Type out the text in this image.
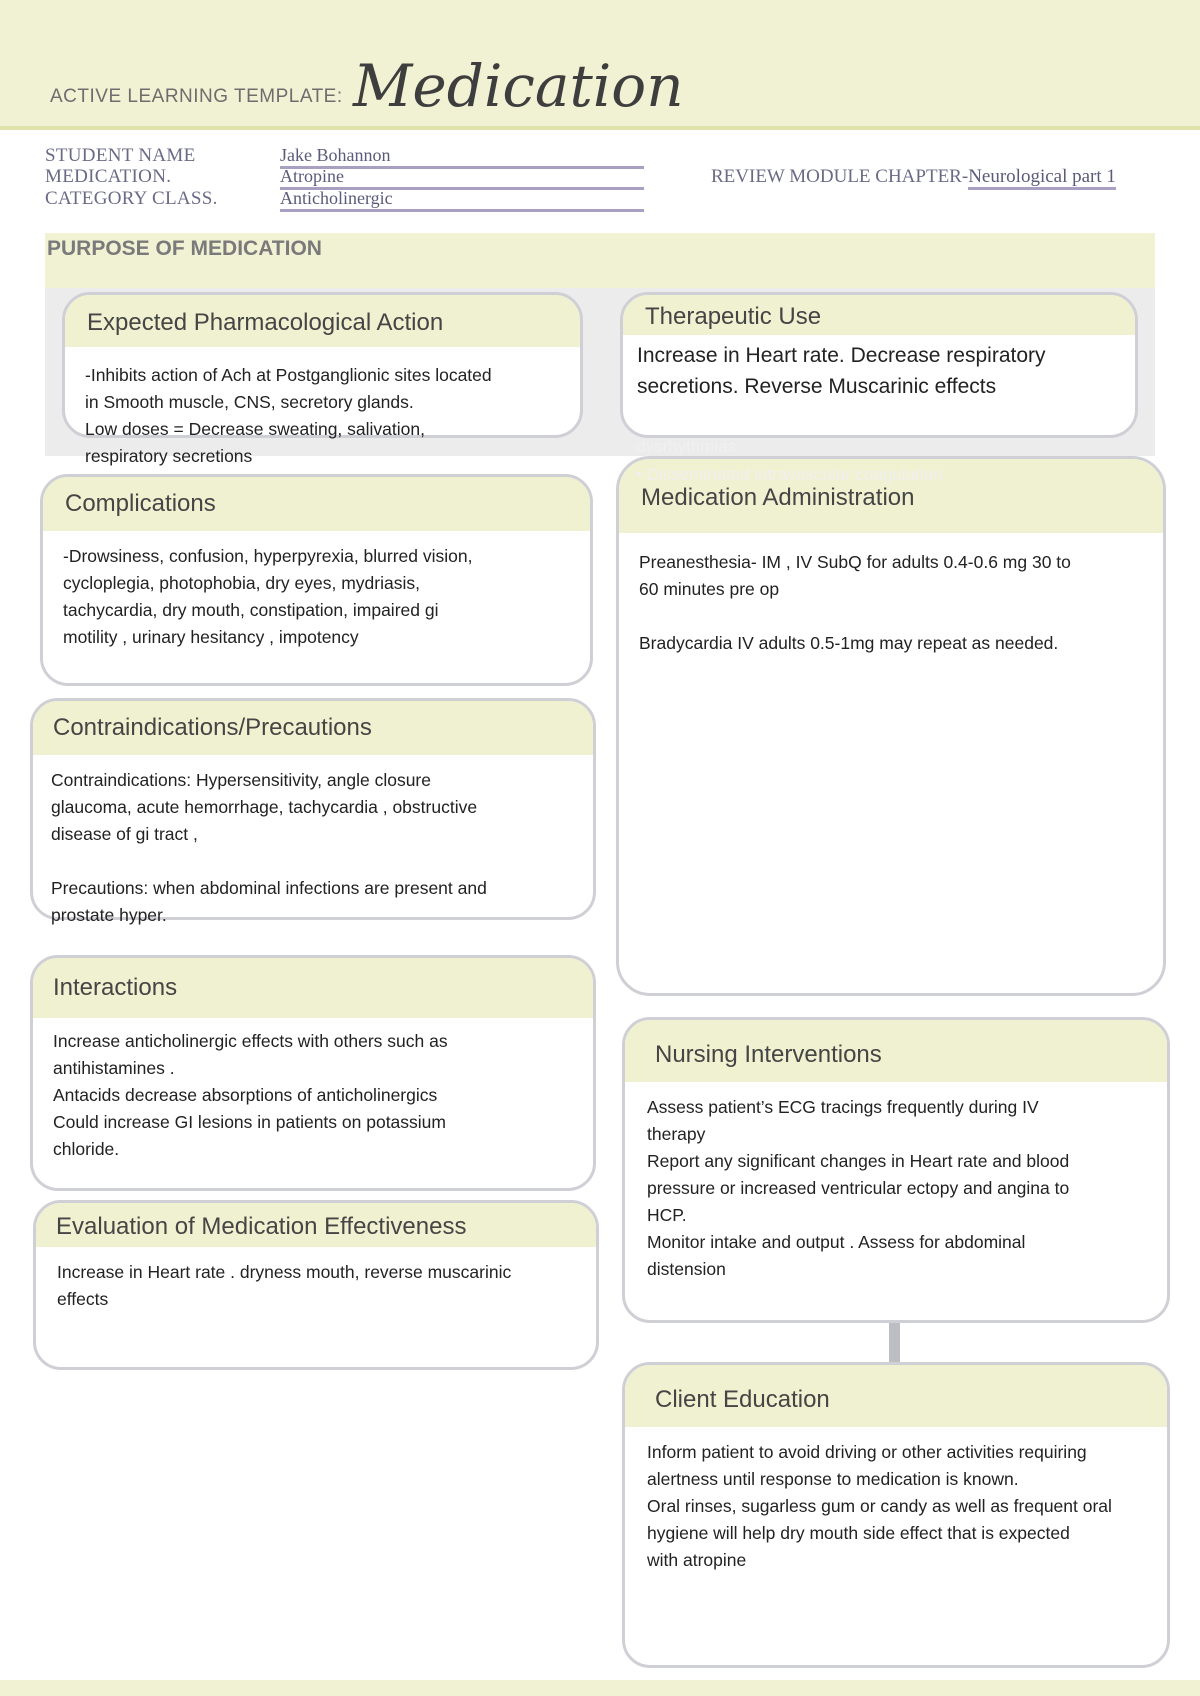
ACTIVE LEARNING TEMPLATE: Medication
STUDENT NAME	Jake Bohannon
MEDICATION.	Atropine
CATEGORY CLASS.	Anticholinergic
REVIEW MODULE CHAPTER-Neurological part 1
PURPOSE OF MEDICATION
Expected Pharmacological Action
-Inhibits action of Ach at Postganglionic sites located
in Smooth muscle, CNS, secretory glands.
Low doses = Decrease sweating, salivation,
respiratory secretions
Therapeutic Use
Increase in Heart rate. Decrease respiratory
secretions. Reverse Muscarinic effects
Complications
-Drowsiness, confusion, hyperpyrexia, blurred vision,
cycloplegia, photophobia, dry eyes, mydriasis,
tachycardia, dry mouth, constipation, impaired gi
motility , urinary hesitancy , impotency
Medication Administration
Preanesthesia- IM , IV SubQ for adults 0.4-0.6 mg 30 to
60 minutes pre op

Bradycardia IV adults 0.5-1mg may repeat as needed.
dysrhythmias
• Disseminated intravascular coagulation
Contraindications/Precautions
Contraindications: Hypersensitivity, angle closure
glaucoma, acute hemorrhage, tachycardia , obstructive
disease of gi tract ,

Precautions: when abdominal infections are present and
prostate hyper.
Interactions
Increase anticholinergic effects with others such as
antihistamines .
Antacids decrease absorptions of anticholinergics
Could increase GI lesions in patients on potassium
chloride.
Nursing Interventions
Assess patient’s ECG tracings frequently during IV
therapy
Report any significant changes in Heart rate and blood
pressure or increased ventricular ectopy and angina to
HCP.
Monitor intake and output . Assess for abdominal
distension
Evaluation of Medication Effectiveness
Increase in Heart rate . dryness mouth, reverse muscarinic
effects
Client Education
Inform patient to avoid driving or other activities requiring
alertness until response to medication is known.
Oral rinses, sugarless gum or candy as well as frequent oral
hygiene will help dry mouth side effect that is expected
with atropine
